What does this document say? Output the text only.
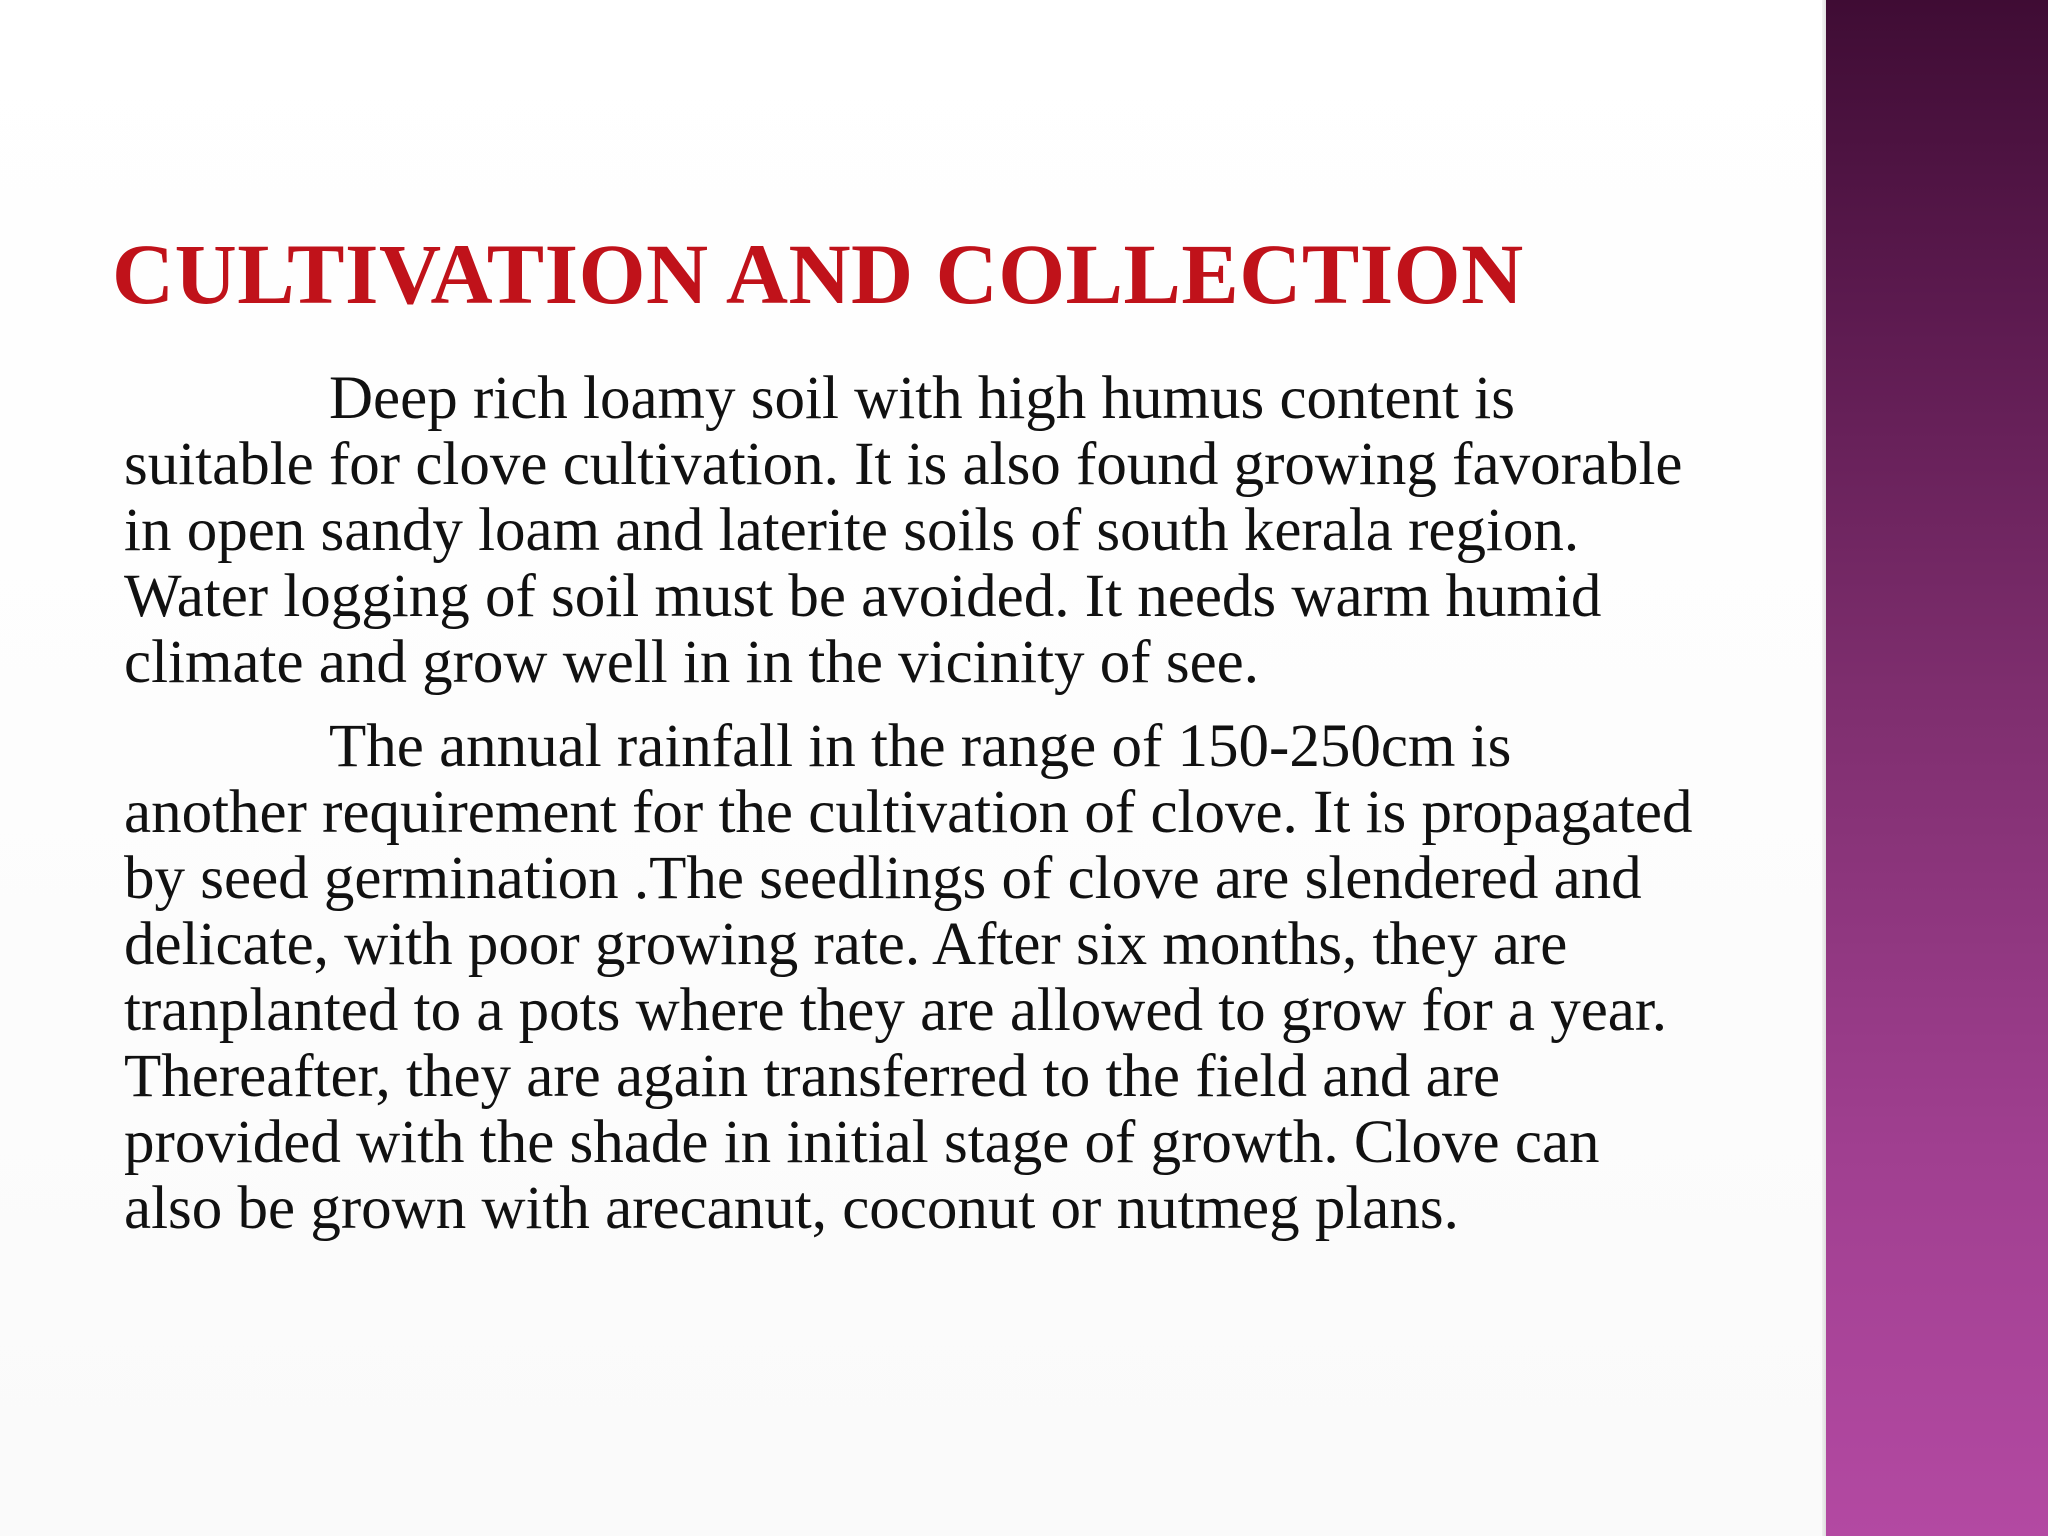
CULTIVATION AND COLLECTION

Deep rich loamy soil with high humus content is suitable for clove cultivation. It is also found growing favorable in open sandy loam and laterite soils of south kerala region. Water logging of soil must be avoided. It needs warm humid climate and grow well in in the vicinity of see.

The annual rainfall in the range of 150-250cm is another requirement for the cultivation of clove. It is propagated by seed germination .The seedlings of clove are slendered and delicate, with poor growing rate. After six months, they are tranplanted to a pots where they are allowed to grow for a year. Thereafter, they are again transferred to the field and are provided with the shade in initial stage of growth. Clove can also be grown with arecanut, coconut or nutmeg plans.
